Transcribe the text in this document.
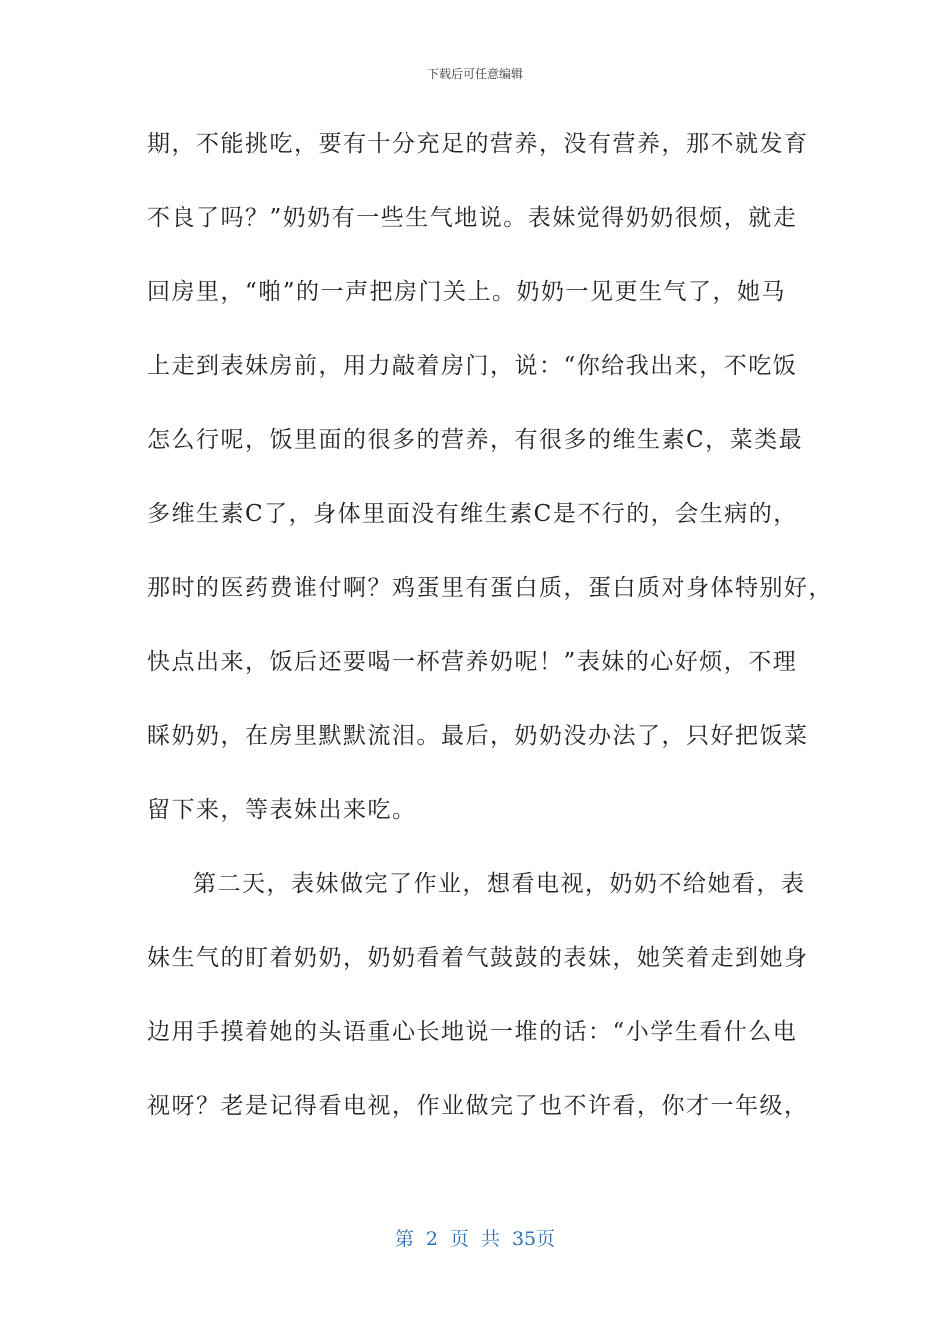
下载后可任意编辑
期，不能挑吃，要有十分充足的营养，没有营养，那不就发育
不良了吗？”奶奶有一些生气地说。表妹觉得奶奶很烦，就走
回房里，“啪”的一声把房门关上。奶奶一见更生气了，她马
上走到表妹房前，用力敲着房门，说：“你给我出来，不吃饭
怎么行呢，饭里面的很多的营养，有很多的维生素C，菜类最
多维生素C了，身体里面没有维生素C是不行的，会生病的，
那时的医药费谁付啊？鸡蛋里有蛋白质，蛋白质对身体特别好，
快点出来，饭后还要喝一杯营养奶呢！”表妹的心好烦，不理
睬奶奶，在房里默默流泪。最后，奶奶没办法了，只好把饭菜
留下来，等表妹出来吃。
第二天，表妹做完了作业，想看电视，奶奶不给她看，表
妹生气的盯着奶奶，奶奶看着气鼓鼓的表妹，她笑着走到她身
边用手摸着她的头语重心长地说一堆的话：“小学生看什么电
视呀？老是记得看电视，作业做完了也不许看，你才一年级，
第 2 页 共 35页
